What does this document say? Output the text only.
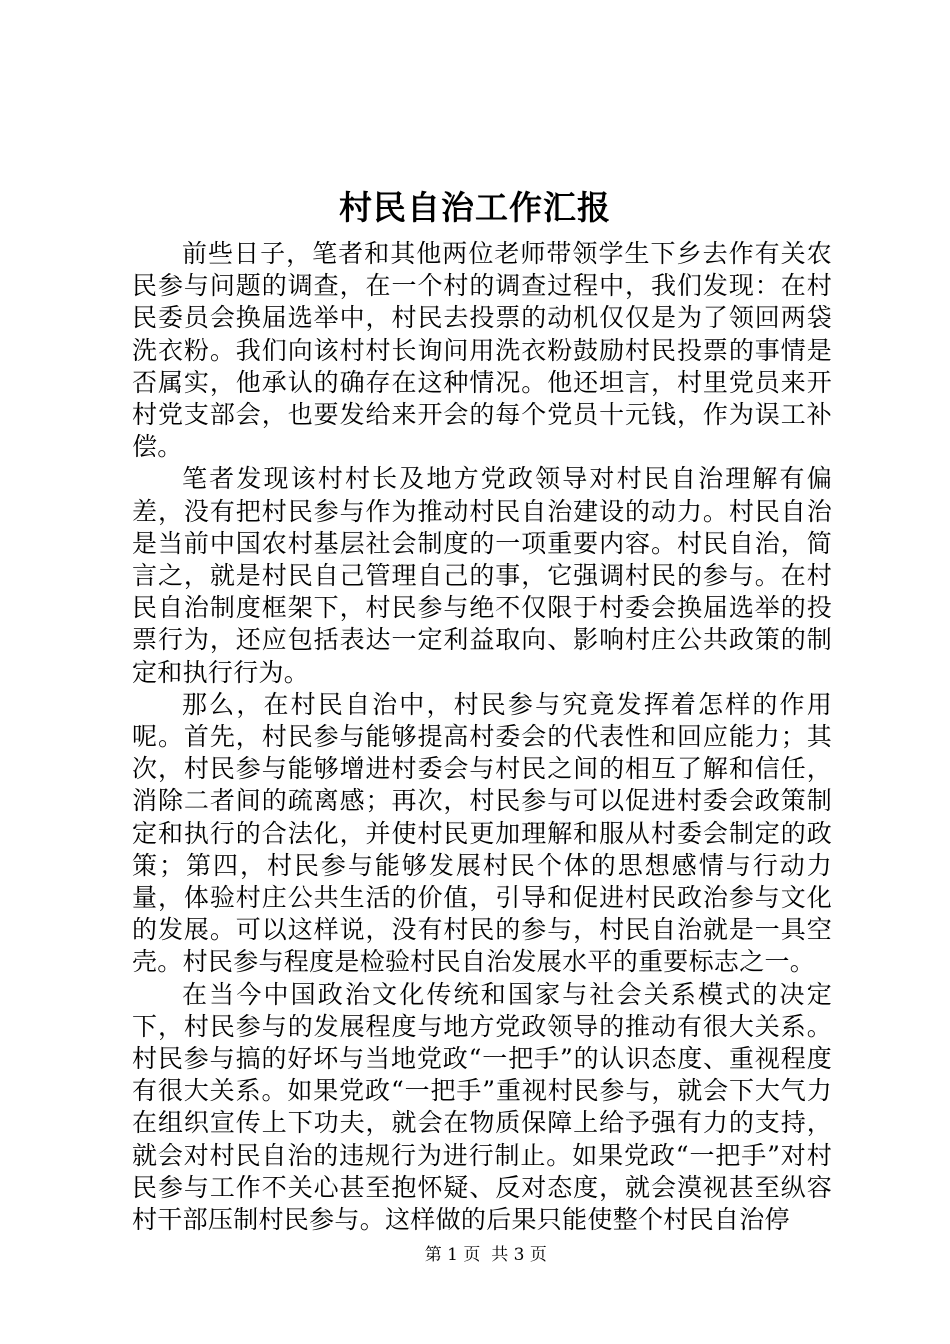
村民自治工作汇报

前些日子，笔者和其他两位老师带领学生下乡去作有关农民参与问题的调查，在一个村的调查过程中，我们发现：在村民委员会换届选举中，村民去投票的动机仅仅是为了领回两袋洗衣粉。我们向该村村长询问用洗衣粉鼓励村民投票的事情是否属实，他承认的确存在这种情况。他还坦言，村里党员来开村党支部会，也要发给来开会的每个党员十元钱，作为误工补偿。

笔者发现该村村长及地方党政领导对村民自治理解有偏差，没有把村民参与作为推动村民自治建设的动力。村民自治是当前中国农村基层社会制度的一项重要内容。村民自治，简言之，就是村民自己管理自己的事，它强调村民的参与。在村民自治制度框架下，村民参与绝不仅限于村委会换届选举的投票行为，还应包括表达一定利益取向、影响村庄公共政策的制定和执行行为。

那么，在村民自治中，村民参与究竟发挥着怎样的作用呢。首先，村民参与能够提高村委会的代表性和回应能力；其次，村民参与能够增进村委会与村民之间的相互了解和信任，消除二者间的疏离感；再次，村民参与可以促进村委会政策制定和执行的合法化，并使村民更加理解和服从村委会制定的政策；第四，村民参与能够发展村民个体的思想感情与行动力量，体验村庄公共生活的价值，引导和促进村民政治参与文化的发展。可以这样说，没有村民的参与，村民自治就是一具空壳。村民参与程度是检验村民自治发展水平的重要标志之一。

在当今中国政治文化传统和国家与社会关系模式的决定下，村民参与的发展程度与地方党政领导的推动有很大关系。村民参与搞的好坏与当地党政“一把手”的认识态度、重视程度有很大关系。如果党政“一把手”重视村民参与，就会下大气力在组织宣传上下功夫，就会在物质保障上给予强有力的支持，就会对村民自治的违规行为进行制止。如果党政“一把手”对村民参与工作不关心甚至抱怀疑、反对态度，就会漠视甚至纵容村干部压制村民参与。这样做的后果只能使整个村民自治停

第 1 页  共 3 页
